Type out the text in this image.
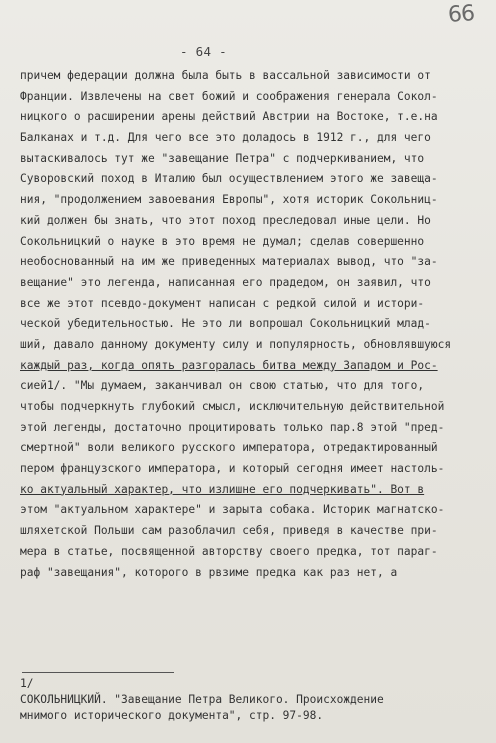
66
- 64 -
причем федерации должна была быть в вассальной зависимости от
Франции. Извлечены на свет божий и соображения генерала Сокол-
ницкого о расширении арены действий Австрии на Востоке, т.е.на
Балканах и т.д. Для чего все это доладось в 1912 г., для чего
вытаскивалось тут же "завещание Петра" с подчеркиванием, что
Суворовский поход в Италию был осуществлением этого же завеща-
ния, "продолжением завоевания Европы", хотя историк Сокольниц-
кий должен бы знать, что этот поход преследовал иные цели. Но
Сокольницкий о науке в это время не думал; сделав совершенно
необоснованный на им же приведенных материалах вывод, что "за-
вещание" это легенда, написанная его прадедом, он заявил, что
все же этот псевдо-документ написан с редкой силой и истори-
ческой убедительностью. Не это ли вопрошал Сокольницкий млад-
ший, давало данному документу силу и популярность, обновлявшуюся
каждый раз, когда опять разгоралась битва между Западом и Рос-
сией1/. "Мы думаем, заканчивал он свою статью, что для того,
чтобы подчеркнуть глубокий смысл, исключительную действительной
этой легенды, достаточно процитировать только пар.8 этой "пред-
смертной" воли великого русского императора, отредактированный
пером французского императора, и который сегодня имеет настоль-
ко актуальный характер, что излишне его подчеркивать". Вот в
этом "актуальном характере" и зарыта собака. Историк магнатско-
шляхетской Польши сам разоблачил себя, приведя в качестве при-
мера в статье, посвященной авторству своего предка, тот параг-
раф "завещания", которого в рвзиме предка как раз нет, а
1/
СОКОЛЬНИЦКИЙ. "Завещание Петра Великого. Происхождение
мнимого исторического документа", стр. 97-98.
